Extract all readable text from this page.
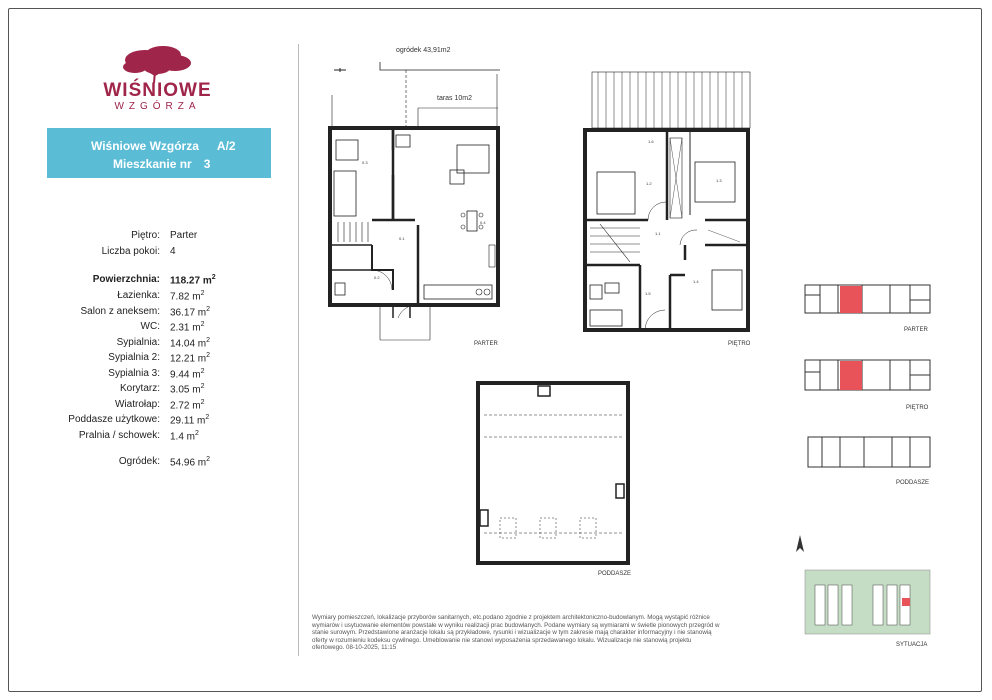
WIŚNIOWE
WZGÓRZA
Wiśniowe Wzgórza A/2
Mieszkanie nr 3
Piętro: Parter
Liczba pokoi: 4
Powierzchnia: 118.27 $m^2$
Łazienka: 7.82 $m^2$
Salon z aneksem: 36.17 $m^2$
WC: 2.31 $m^2$
Sypialnia: 14.04 $m^2$
Sypialnia 2: 12.21 $m^2$
Sypialnia 3: 9.44 $m^2$
Korytarz: 3.05 $m^2$
Wiatrołap: 2.72 $m^2$
Poddasze użytkowe: 29.11 $m^2$
Pralnia / schowek: 1.4 $m^2$
Ogródek: 54.96 $m^2$
ogródek 43,91m2
taras 10m2
PARTER	PIĘTRO
PODDASZE
0.3
0.1
0.2
0.4
1.2
1.3
1.1
1.4
1.5
1.6
PARTER
PIĘTRO
PODDASZE
SYTUACJA
Wymiary pomieszczeń, lokalizacje przyborów sanitarnych, etc.podano zgodnie z projektem architektoniczno-budowlanym. Mogą wystąpić różnice wymiarów i usytuowanie elementów powstałe w wyniku realizacji prac budowlanych. Podane wymiary są wymiarami w świetle pionowych przegród w stanie surowym. Przedstawione aranżacje lokalu są przykładowe, rysunki i wizualizacje w tym zakresie mają charakter informacyjny i nie stanowią oferty w rozumieniu kodeksu cywilnego. Umeblowanie nie stanowi wyposażenia sprzedawanego lokalu. Wizualizacje nie stanowią projektu ofertowego. 08-10-2025, 11:15
